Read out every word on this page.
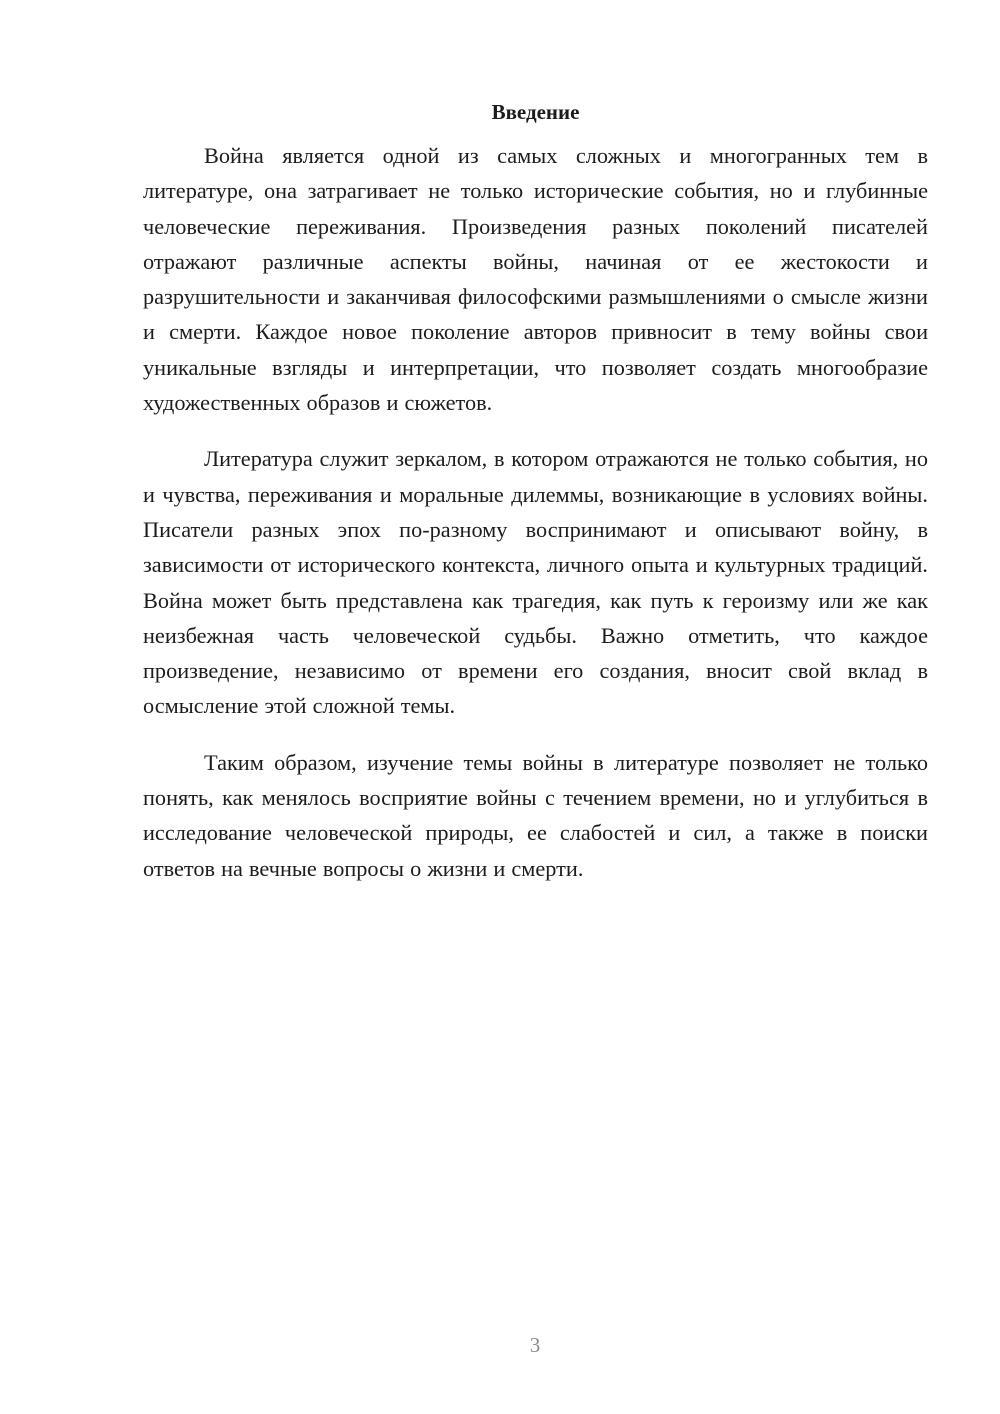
Введение

Война является одной из самых сложных и многогранных тем в литературе, она затрагивает не только исторические события, но и глубинные человеческие переживания. Произведения разных поколений писателей отражают различные аспекты войны, начиная от ее жестокости и разрушительности и заканчивая философскими размышлениями о смысле жизни и смерти. Каждое новое поколение авторов привносит в тему войны свои уникальные взгляды и интерпретации, что позволяет создать многообразие художественных образов и сюжетов.

Литература служит зеркалом, в котором отражаются не только события, но и чувства, переживания и моральные дилеммы, возникающие в условиях войны. Писатели разных эпох по-разному воспринимают и описывают войну, в зависимости от исторического контекста, личного опыта и культурных традиций. Война может быть представлена как трагедия, как путь к героизму или же как неизбежная часть человеческой судьбы. Важно отметить, что каждое произведение, независимо от времени его создания, вносит свой вклад в осмысление этой сложной темы.

Таким образом, изучение темы войны в литературе позволяет не только понять, как менялось восприятие войны с течением времени, но и углубиться в исследование человеческой природы, ее слабостей и сил, а также в поиски ответов на вечные вопросы о жизни и смерти.

3
